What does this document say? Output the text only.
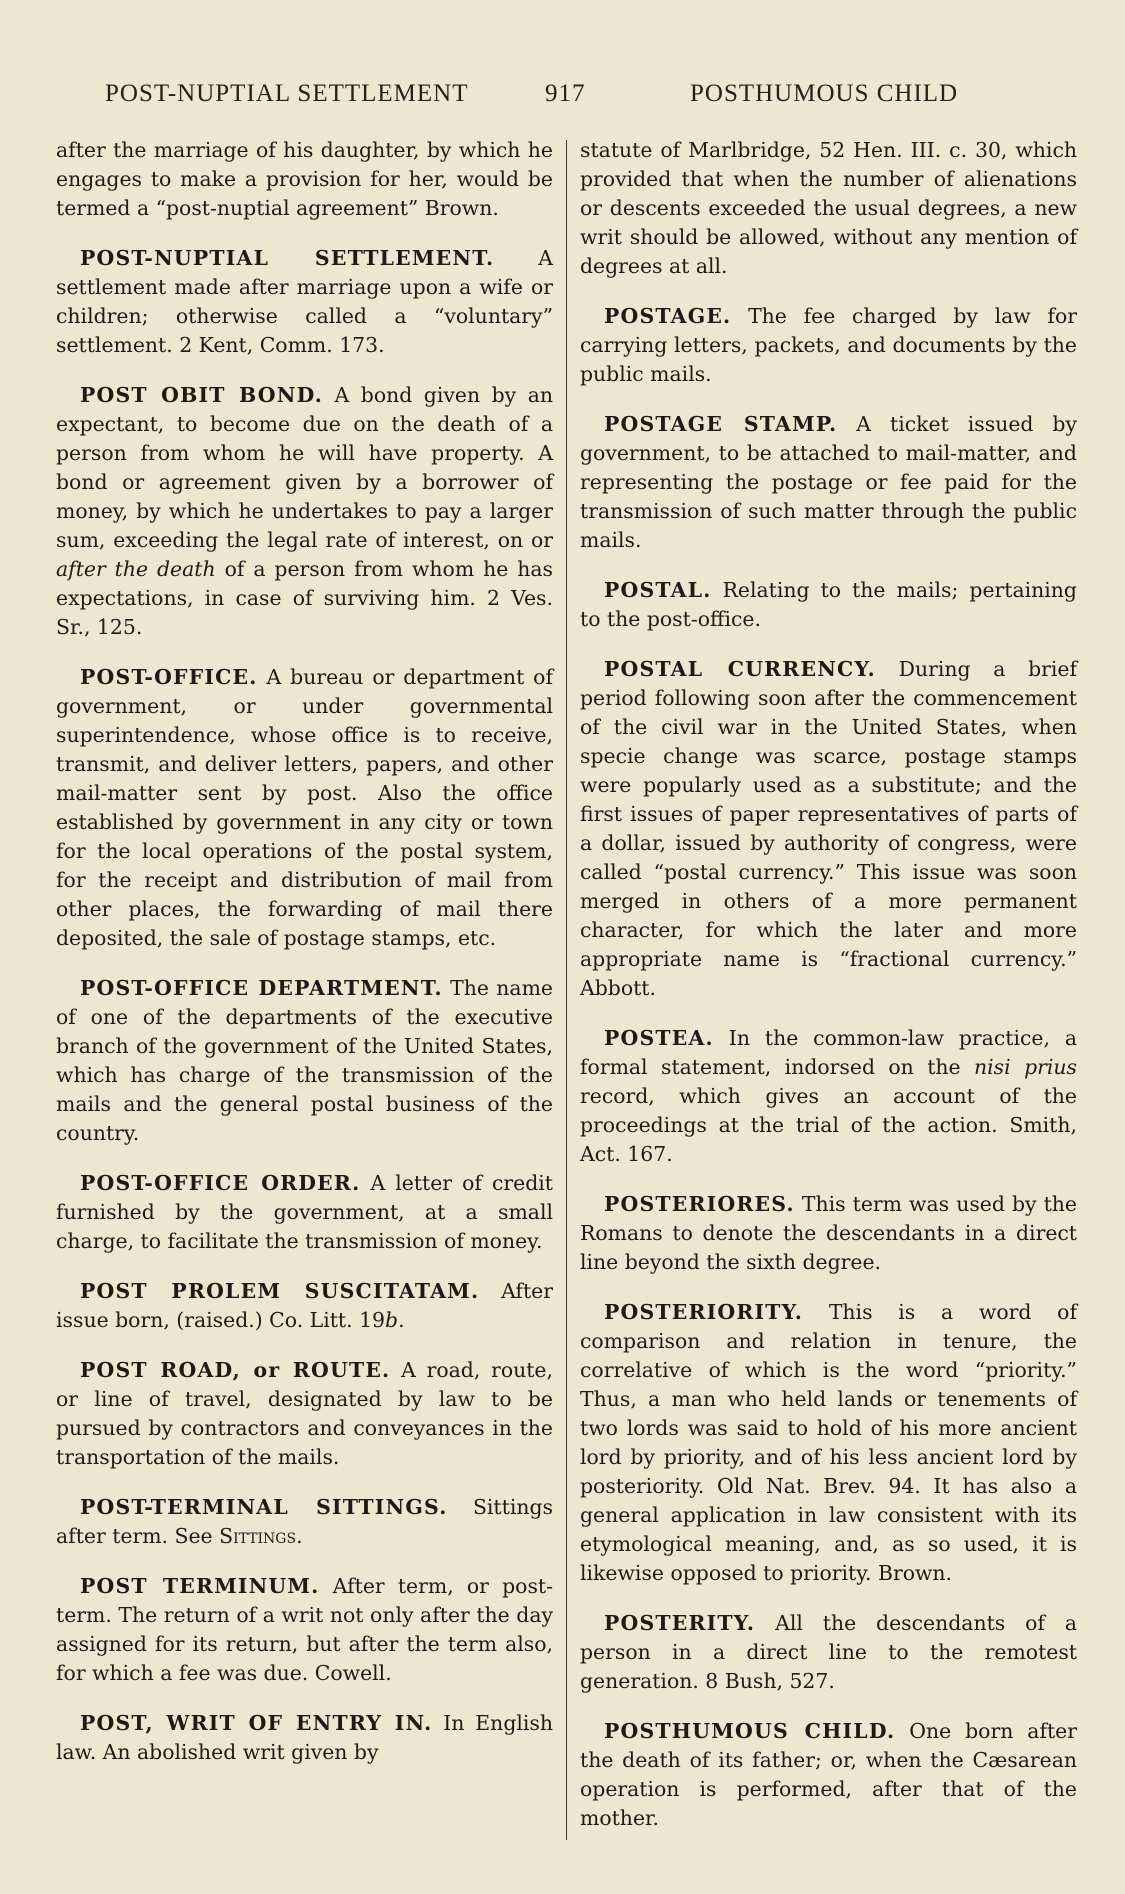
POST-NUPTIAL SETTLEMENT	917	POSTHUMOUS CHILD

after the marriage of his daughter, by which he engages to make a provision for her, would be termed a “post-nuptial agreement” Brown.

POST-NUPTIAL SETTLEMENT. A settlement made after marriage upon a wife or children; otherwise called a “voluntary” settlement. 2 Kent, Comm. 173.

POST OBIT BOND. A bond given by an expectant, to become due on the death of a person from whom he will have property. A bond or agreement given by a borrower of money, by which he undertakes to pay a larger sum, exceeding the legal rate of interest, on or after the death of a person from whom he has expectations, in case of surviving him. 2 Ves. Sr., 125.

POST-OFFICE. A bureau or department of government, or under governmental superintendence, whose office is to receive, transmit, and deliver letters, papers, and other mail-matter sent by post. Also the office established by government in any city or town for the local operations of the postal system, for the receipt and distribution of mail from other places, the forwarding of mail there deposited, the sale of postage stamps, etc.

POST-OFFICE DEPARTMENT. The name of one of the departments of the executive branch of the government of the United States, which has charge of the transmission of the mails and the general postal business of the country.

POST-OFFICE ORDER. A letter of credit furnished by the government, at a small charge, to facilitate the transmission of money.

POST PROLEM SUSCITATAM. After issue born, (raised.) Co. Litt. 19b.

POST ROAD, or ROUTE. A road, route, or line of travel, designated by law to be pursued by contractors and conveyances in the transportation of the mails.

POST-TERMINAL SITTINGS. Sittings after term. See Sittings.

POST TERMINUM. After term, or post-term. The return of a writ not only after the day assigned for its return, but after the term also, for which a fee was due. Cowell.

POST, WRIT OF ENTRY IN. In English law. An abolished writ given by

statute of Marlbridge, 52 Hen. III. c. 30, which provided that when the number of alienations or descents exceeded the usual degrees, a new writ should be allowed, without any mention of degrees at all.

POSTAGE. The fee charged by law for carrying letters, packets, and documents by the public mails.

POSTAGE STAMP. A ticket issued by government, to be attached to mail-matter, and representing the postage or fee paid for the transmission of such matter through the public mails.

POSTAL. Relating to the mails; pertaining to the post-office.

POSTAL CURRENCY. During a brief period following soon after the commencement of the civil war in the United States, when specie change was scarce, postage stamps were popularly used as a substitute; and the first issues of paper representatives of parts of a dollar, issued by authority of congress, were called “postal currency.” This issue was soon merged in others of a more permanent character, for which the later and more appropriate name is “fractional currency.” Abbott.

POSTEA. In the common-law practice, a formal statement, indorsed on the nisi prius record, which gives an account of the proceedings at the trial of the action. Smith, Act. 167.

POSTERIORES. This term was used by the Romans to denote the descendants in a direct line beyond the sixth degree.

POSTERIORITY. This is a word of comparison and relation in tenure, the correlative of which is the word “priority.” Thus, a man who held lands or tenements of two lords was said to hold of his more ancient lord by priority, and of his less ancient lord by posteriority. Old Nat. Brev. 94. It has also a general application in law consistent with its etymological meaning, and, as so used, it is likewise opposed to priority. Brown.

POSTERITY. All the descendants of a person in a direct line to the remotest generation. 8 Bush, 527.

POSTHUMOUS CHILD. One born after the death of its father; or, when the Cæsarean operation is performed, after that of the mother.
